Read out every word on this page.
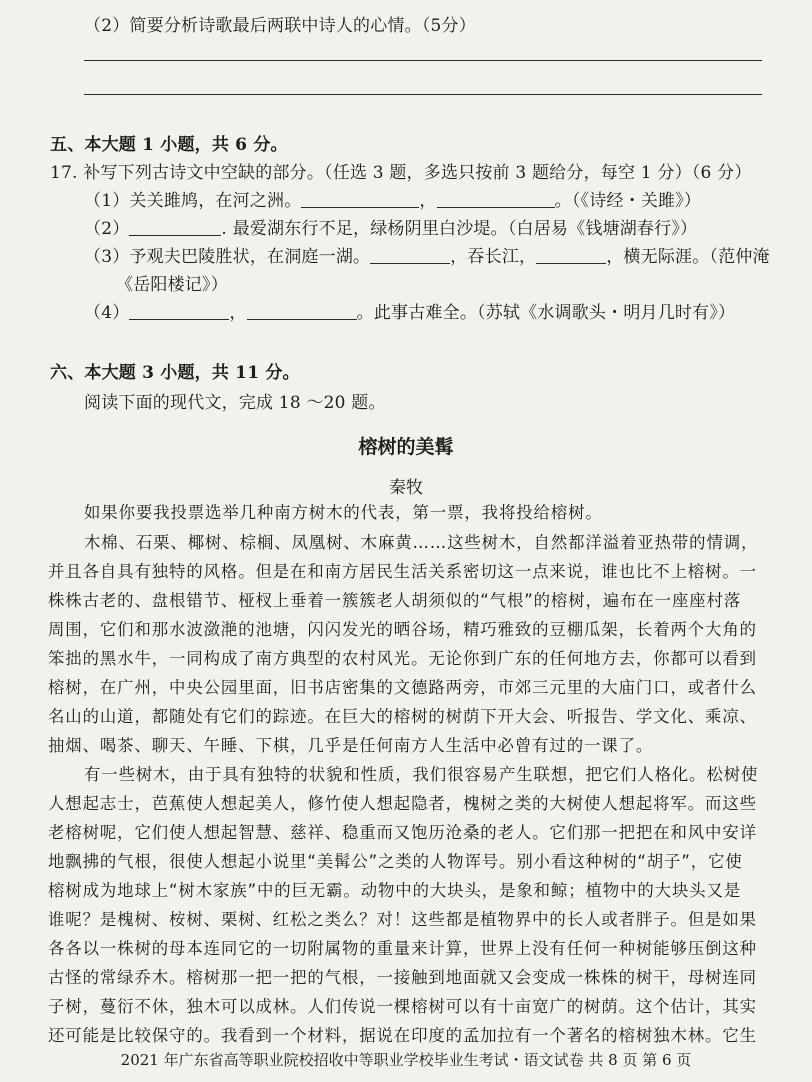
（2）简要分析诗歌最后两联中诗人的心情。（5分）
五、本大题 1 小题，共 6 分。
17. 补写下列古诗文中空缺的部分。（任选 3 题，多选只按前 3 题给分，每空 1 分）（6 分）
（1）关关雎鸠，在河之洲。	，	。（《诗经・关雎》）
（2）	. 最爱湖东行不足，绿杨阴里白沙堤。（白居易《钱塘湖春行》）
（3）予观夫巴陵胜状，在洞庭一湖。	，吞长江，	，横无际涯。（范仲淹
《岳阳楼记》）
（4）	，	。此事古难全。（苏轼《水调歌头・明月几时有》）
六、本大题 3 小题，共 11 分。
阅读下面的现代文，完成 18 ～20 题。
榕树的美髯
秦牧
如果你要我投票选举几种南方树木的代表，第一票，我将投给榕树。
木棉、石栗、椰树、棕榈、凤凰树、木麻黄……这些树木，自然都洋溢着亚热带的情调，
并且各自具有独特的风格。但是在和南方居民生活关系密切这一点来说，谁也比不上榕树。一
株株古老的、盘根错节、桠杈上垂着一簇簇老人胡须似的“气根”的榕树，遍布在一座座村落
周围，它们和那水波潋滟的池塘，闪闪发光的晒谷场，精巧雅致的豆棚瓜架，长着两个大角的
笨拙的黑水牛，一同构成了南方典型的农村风光。无论你到广东的任何地方去，你都可以看到
榕树，在广州，中央公园里面，旧书店密集的文德路两旁，市郊三元里的大庙门口，或者什么
名山的山道，都随处有它们的踪迹。在巨大的榕树的树荫下开大会、听报告、学文化、乘凉、
抽烟、喝茶、聊天、午睡、下棋，几乎是任何南方人生活中必曾有过的一课了。
有一些树木，由于具有独特的状貌和性质，我们很容易产生联想，把它们人格化。松树使
人想起志士，芭蕉使人想起美人，修竹使人想起隐者，槐树之类的大树使人想起将军。而这些
老榕树呢，它们使人想起智慧、慈祥、稳重而又饱历沧桑的老人。它们那一把把在和风中安详
地飘拂的气根，很使人想起小说里“美髯公”之类的人物诨号。别小看这种树的“胡子”，它使
榕树成为地球上“树木家族”中的巨无霸。动物中的大块头，是象和鲸；植物中的大块头又是
谁呢？是槐树、桉树、栗树、红松之类么？对！这些都是植物界中的长人或者胖子。但是如果
各各以一株树的母本连同它的一切附属物的重量来计算，世界上没有任何一种树能够压倒这种
古怪的常绿乔木。榕树那一把一把的气根，一接触到地面就又会变成一株株的树干，母树连同
子树，蔓衍不休，独木可以成林。人们传说一棵榕树可以有十亩宽广的树荫。这个估计，其实
还可能是比较保守的。我看到一个材料，据说在印度的孟加拉有一个著名的榕树独木林。它生
2021 年广东省高等职业院校招收中等职业学校毕业生考试・语文试卷 共 8 页 第 6 页
